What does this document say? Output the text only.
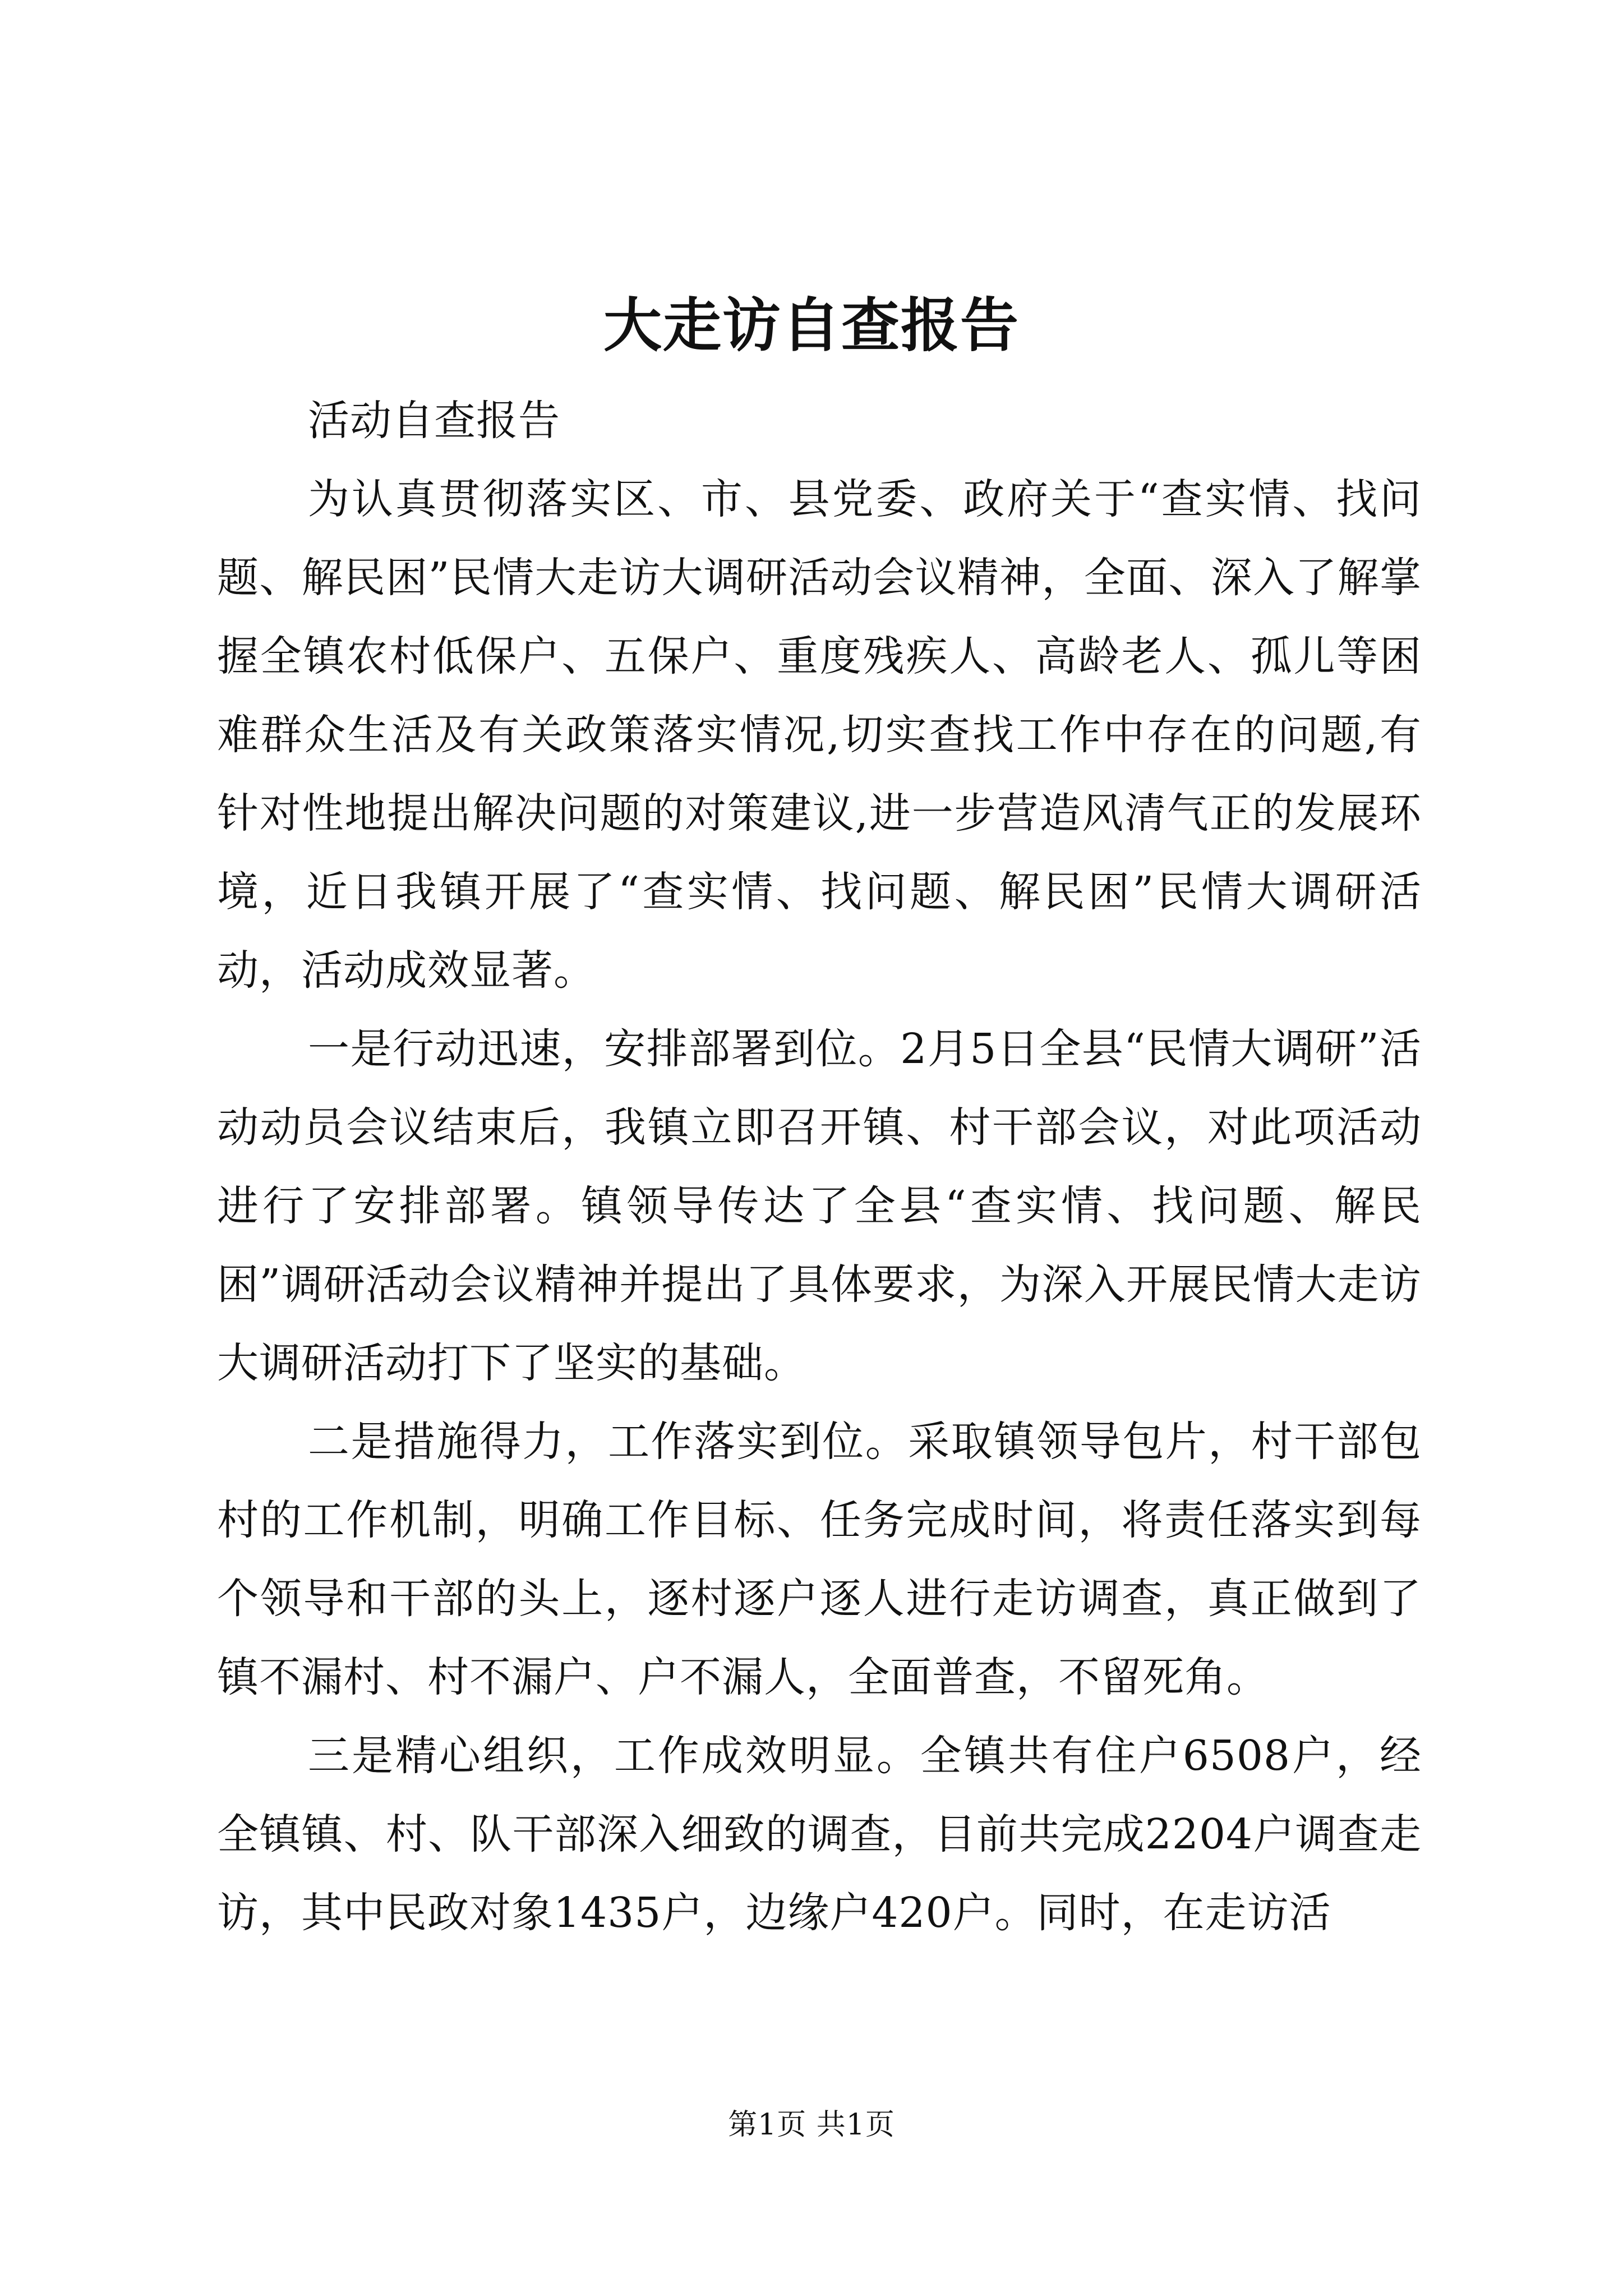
大走访自查报告

活动自查报告

为认真贯彻落实区、市、县党委、政府关于“查实情、找问题、解民困”民情大走访大调研活动会议精神，全面、深入了解掌握全镇农村低保户、五保户、重度残疾人、高龄老人、孤儿等困难群众生活及有关政策落实情况,切实查找工作中存在的问题,有针对性地提出解决问题的对策建议,进一步营造风清气正的发展环境，近日我镇开展了“查实情、找问题、解民困”民情大调研活动，活动成效显著。

一是行动迅速，安排部署到位。2月5日全县“民情大调研”活动动员会议结束后，我镇立即召开镇、村干部会议，对此项活动进行了安排部署。镇领导传达了全县“查实情、找问题、解民困”调研活动会议精神并提出了具体要求，为深入开展民情大走访大调研活动打下了坚实的基础。

二是措施得力，工作落实到位。采取镇领导包片，村干部包村的工作机制，明确工作目标、任务完成时间，将责任落实到每个领导和干部的头上，逐村逐户逐人进行走访调查，真正做到了镇不漏村、村不漏户、户不漏人，全面普查，不留死角。

三是精心组织，工作成效明显。全镇共有住户6508户，经全镇镇、村、队干部深入细致的调查，目前共完成2204户调查走访，其中民政对象1435户，边缘户420户。同时，在走访活

第1页 共1页
